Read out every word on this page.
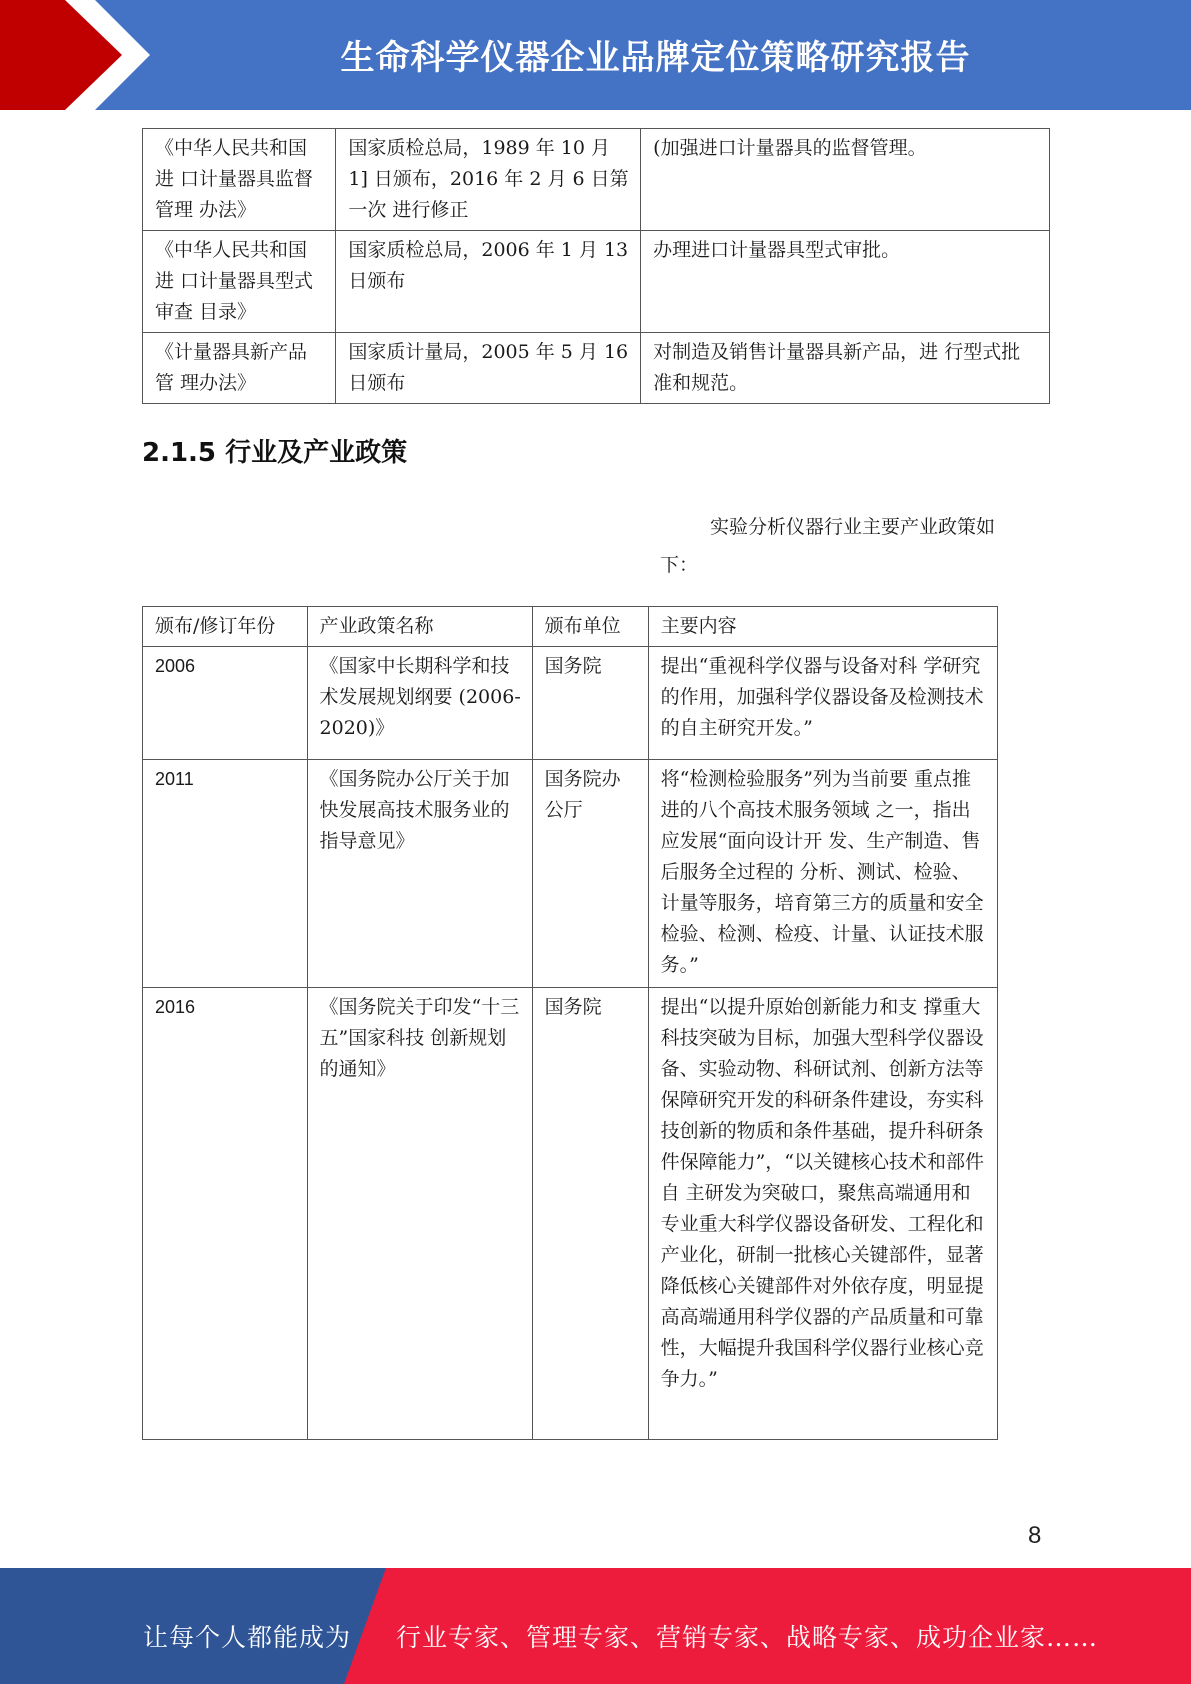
生命科学仪器企业品牌定位策略研究报告
《中华人民共和国进 口计量器具监督管理 办法》	国家质检总局，1989 年 10 月 1] 日颁布，2016 年 2 月 6 日第一次 进行修正	(加强进口计量器具的监督管理。
《中华人民共和国进 口计量器具型式审查 目录》	国家质检总局，2006 年 1 月 13 日颁布	办理进口计量器具型式审批。
《计量器具新产品管 理办法》	国家质计量局，2005 年 5 月 16 日颁布	对制造及销售计量器具新产品，进 行型式批准和规范。
2.1.5 行业及产业政策

实验分析仪器行业主要产业政策如下：

颁布/修订年份	产业政策名称	颁布单位	主要内容
2006	《国家中长期科学和技术发展规划纲要 (2006-2020)》	国务院	提出“重视科学仪器与设备对科 学研究的作用，加强科学仪器设备及检测技术的自主研究开发。”
2011	《国务院办公厅关于加快发展高技术服务业的指导意见》	国务院办公厅	将“检测检验服务”列为当前要 重点推进的八个高技术服务领域 之一，指出应发展“面向设计开 发、生产制造、售后服务全过程的 分析、测试、检验、计量等服务，培育第三方的质量和安全检验、检测、检疫、计量、认证技术服务。”
2016	《国务院关于印发“十三五”国家科技 创新规划的通知》	国务院	提出“以提升原始创新能力和支 撑重大科技突破为目标，加强大型科学仪器设备、实验动物、科研试剂、创新方法等保障研究开发的科研条件建设，夯实科技创新的物质和条件基础，提升科研条件保障能力”，“以关键核心技术和部件自 主研发为突破口，聚焦高端通用和专业重大科学仪器设备研发、工程化和产业化，研制一批核心关键部件，显著降低核心关键部件对外依存度，明显提高高端通用科学仪器的产品质量和可靠性，大幅提升我国科学仪器行业核心竞争力。”
8
让每个人都能成为 行业专家、管理专家、营销专家、战略专家、成功企业家……
